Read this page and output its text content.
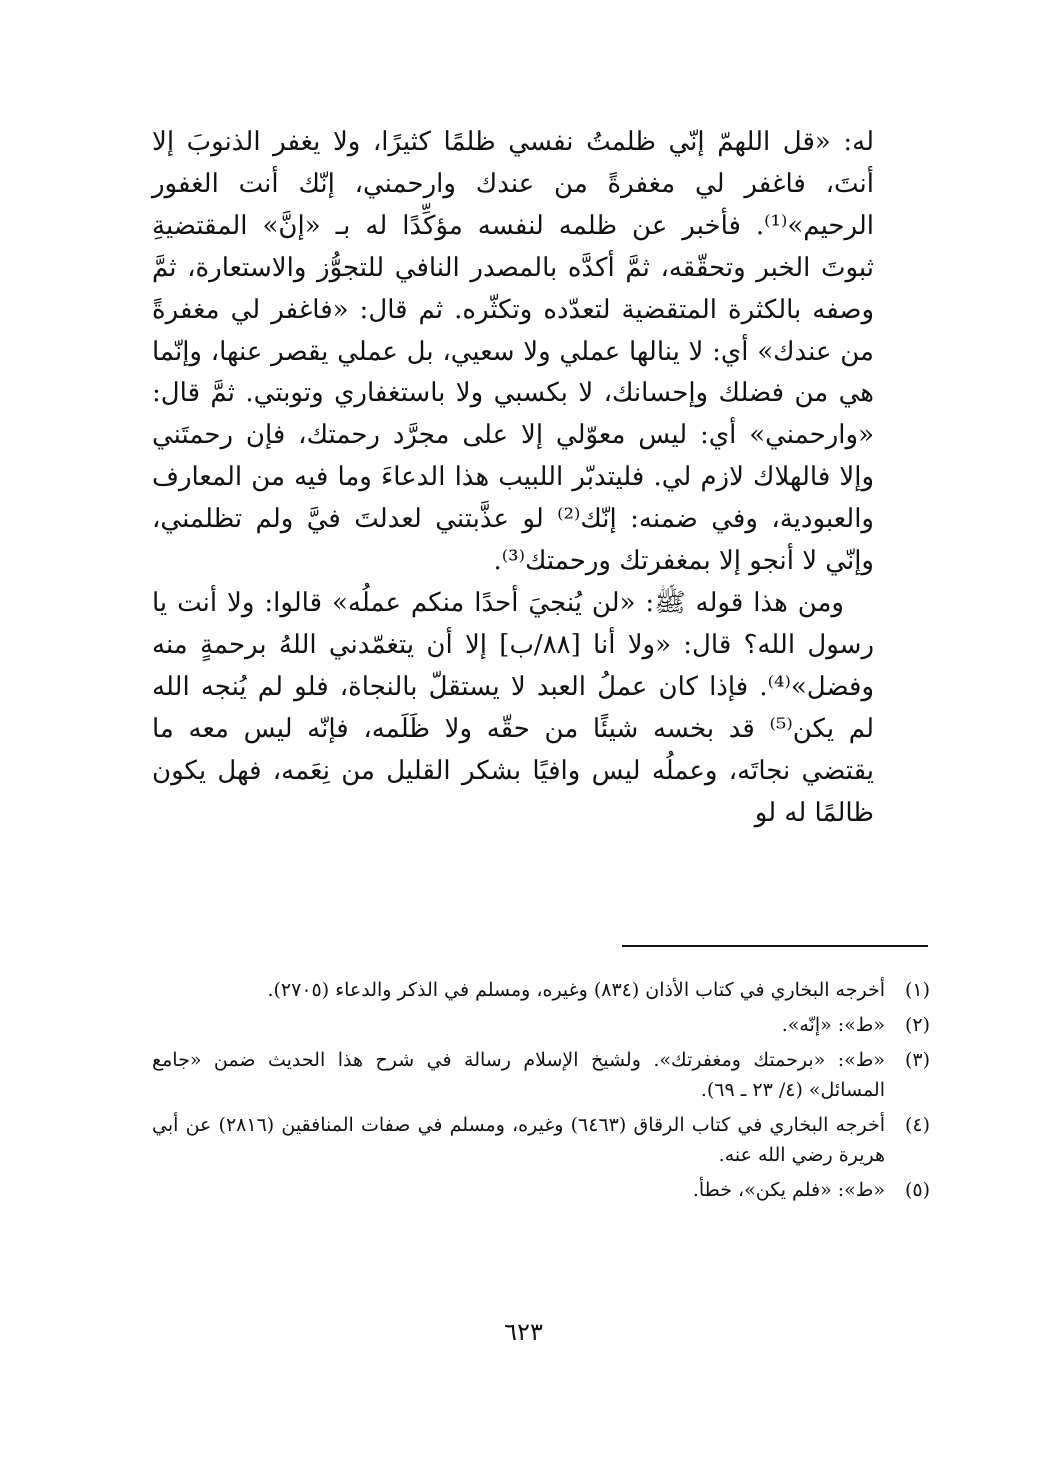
له: «قل اللهمّ إنّي ظلمتُ نفسي ظلمًا كثيرًا، ولا يغفر الذنوبَ إلا أنتَ، فاغفر لي مغفرةً من عندك وارحمني، إنّك أنت الغفور الرحيم»⁽¹⁾. فأخبر عن ظلمه لنفسه مؤكِّدًا له بـ «إنَّ» المقتضيةِ ثبوتَ الخبر وتحقّقه، ثمَّ أكدَّه بالمصدر النافي للتجوُّز والاستعارة، ثمَّ وصفه بالكثرة المتقضية لتعدّده وتكثّره. ثم قال: «فاغفر لي مغفرةً من عندك» أي: لا ينالها عملي ولا سعيي، بل عملي يقصر عنها، وإنّما هي من فضلك وإحسانك، لا بكسبي ولا باستغفاري وتوبتي. ثمَّ قال: «وارحمني» أي: ليس معوّلي إلا على مجرَّد رحمتك، فإن رحمتَني وإلا فالهلاك لازم لي. فليتدبّر اللبيب هذا الدعاءَ وما فيه من المعارف والعبودية، وفي ضمنه: إنّك⁽²⁾ لو عذَّبتني لعدلتَ فيَّ ولم تظلمني، وإنّي لا أنجو إلا بمغفرتك ورحمتك⁽³⁾.

ومن هذا قوله ﷺ: «لن يُنجيَ أحدًا منكم عملُه» قالوا: ولا أنت يا رسول الله؟ قال: «ولا أنا [٨٨/ب] إلا أن يتغمّدني اللهُ برحمةٍ منه وفضل»⁽⁴⁾. فإذا كان عملُ العبد لا يستقلّ بالنجاة، فلو لم يُنجه الله لم يكن⁽⁵⁾ قد بخسه شيئًا من حقّه ولا ظَلَمه، فإنّه ليس معه ما يقتضي نجاتَه، وعملُه ليس وافيًا بشكر القليل من نِعَمه، فهل يكون ظالمًا له لو

(١)
أخرجه البخاري في كتاب الأذان (٨٣٤) وغيره، ومسلم في الذكر والدعاء (٢٧٠٥).
(٢)
«ط»: «إنّه».
(٣)
«ط»: «برحمتك ومغفرتك». ولشيخ الإسلام رسالة في شرح هذا الحديث ضمن «جامع المسائل» (٤/ ٢٣ ـ ٦٩).
(٤)
أخرجه البخاري في كتاب الرقاق (٦٤٦٣) وغيره، ومسلم في صفات المنافقين (٢٨١٦) عن أبي هريرة رضي الله عنه.
(٥)
«ط»: «فلم يكن»، خطأ.
٦٢٣
